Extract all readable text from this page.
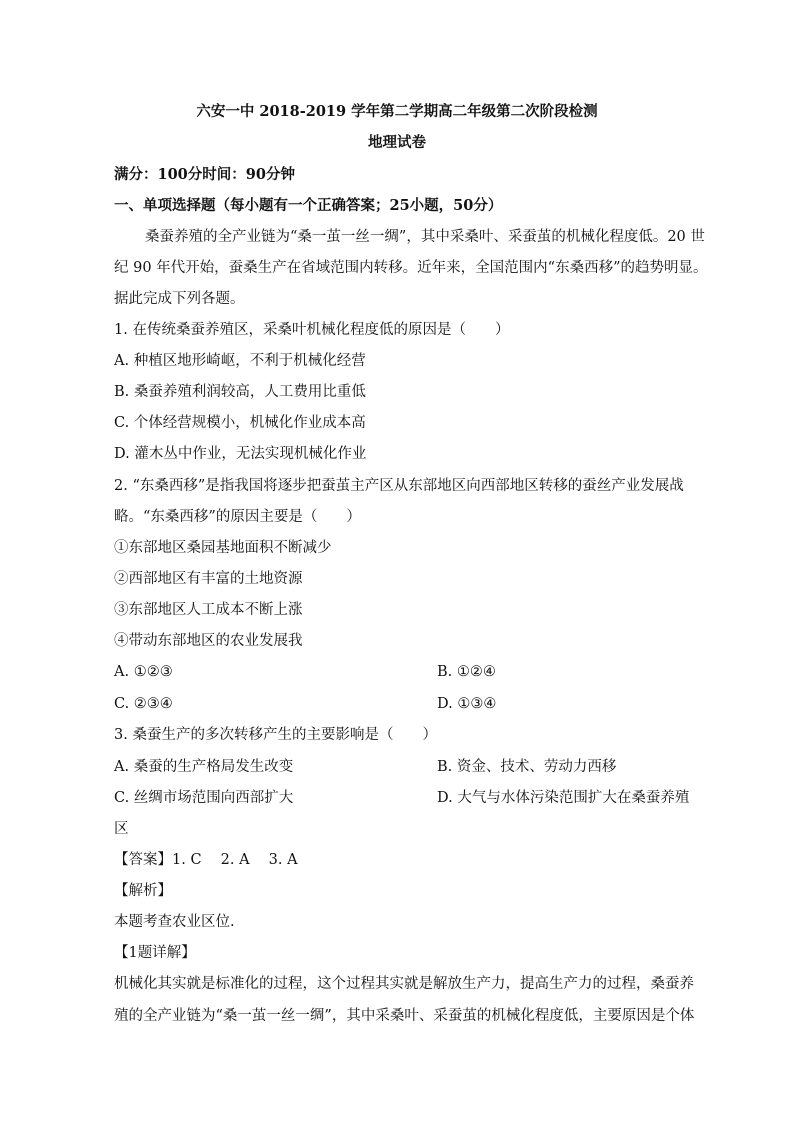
六安一中 2018-2019 学年第二学期高二年级第二次阶段检测
地理试卷
满分：100分时间：90分钟
一、单项选择题（每小题有一个正确答案；25小题，50分）
桑蚕养殖的全产业链为“桑一茧一丝一绸”，其中采桑叶、采蚕茧的机械化程度低。20 世
纪 90 年代开始，蚕桑生产在省域范围内转移。近年来，全国范围内“东桑西移”的趋势明显。
据此完成下列各题。
1. 在传统桑蚕养殖区，采桑叶机械化程度低的原因是（　　）
A. 种植区地形崎岖，不利于机械化经营
B. 桑蚕养殖利润较高，人工费用比重低
C. 个体经营规模小，机械化作业成本高
D. 灌木丛中作业，无法实现机械化作业
2. “东桑西移”是指我国将逐步把蚕茧主产区从东部地区向西部地区转移的蚕丝产业发展战
略。“东桑西移”的原因主要是（　　）
①东部地区桑园基地面积不断减少
②西部地区有丰富的土地资源
③东部地区人工成本不断上涨
④带动东部地区的农业发展我
A. ①②③	B. ①②④
C. ②③④	D. ①③④
3. 桑蚕生产的多次转移产生的主要影响是（　　）
A. 桑蚕的生产格局发生改变	B. 资金、技术、劳动力西移
C. 丝绸市场范围向西部扩大	D. 大气与水体污染范围扩大在桑蚕养殖
区
【答案】1. C　 2. A　 3. A
【解析】
本题考查农业区位.
【1题详解】
机械化其实就是标准化的过程，这个过程其实就是解放生产力，提高生产力的过程，桑蚕养
殖的全产业链为“桑一茧一丝一绸”，其中采桑叶、采蚕茧的机械化程度低，主要原因是个体
